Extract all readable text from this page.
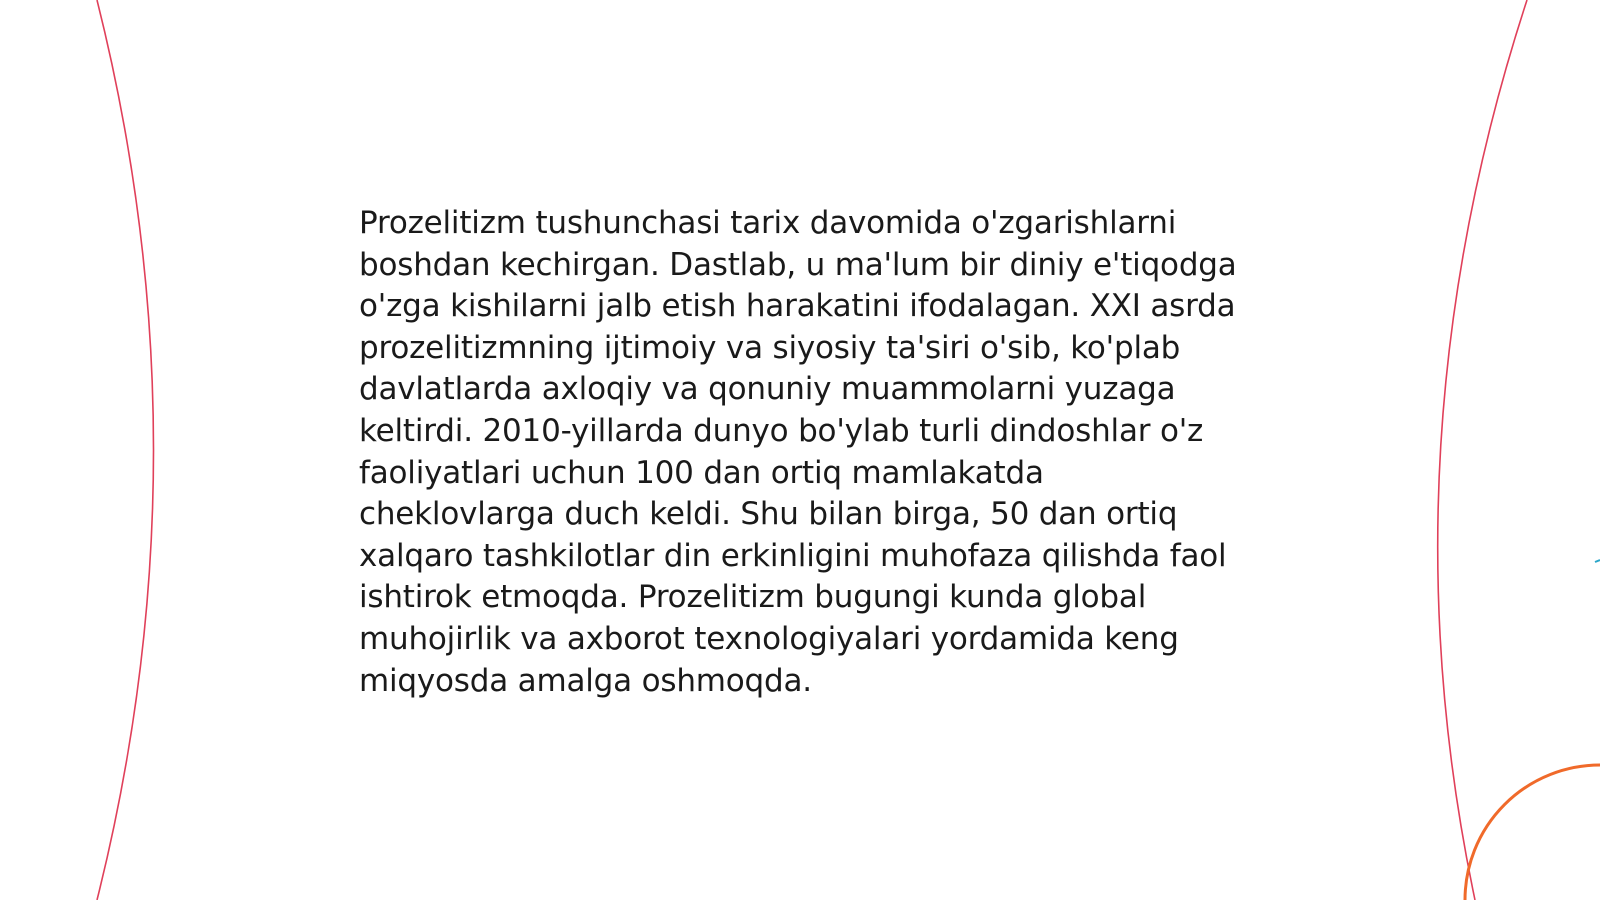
Prozelitizm tushunchasi tarix davomida o'zgarishlarni boshdan kechirgan. Dastlab, u ma'lum bir diniy e'tiqodga o'zga kishilarni jalb etish harakatini ifodalagan. XXI asrda prozelitizmning ijtimoiy va siyosiy ta'siri o'sib, ko'plab davlatlarda axloqiy va qonuniy muammolarni yuzaga keltirdi. 2010-yillarda dunyo bo'ylab turli dindoshlar o'z faoliyatlari uchun 100 dan ortiq mamlakatda cheklovlarga duch keldi. Shu bilan birga, 50 dan ortiq xalqaro tashkilotlar din erkinligini muhofaza qilishda faol ishtirok etmoqda. Prozelitizm bugungi kunda global muhojirlik va axborot texnologiyalari yordamida keng miqyosda amalga oshmoqda.
